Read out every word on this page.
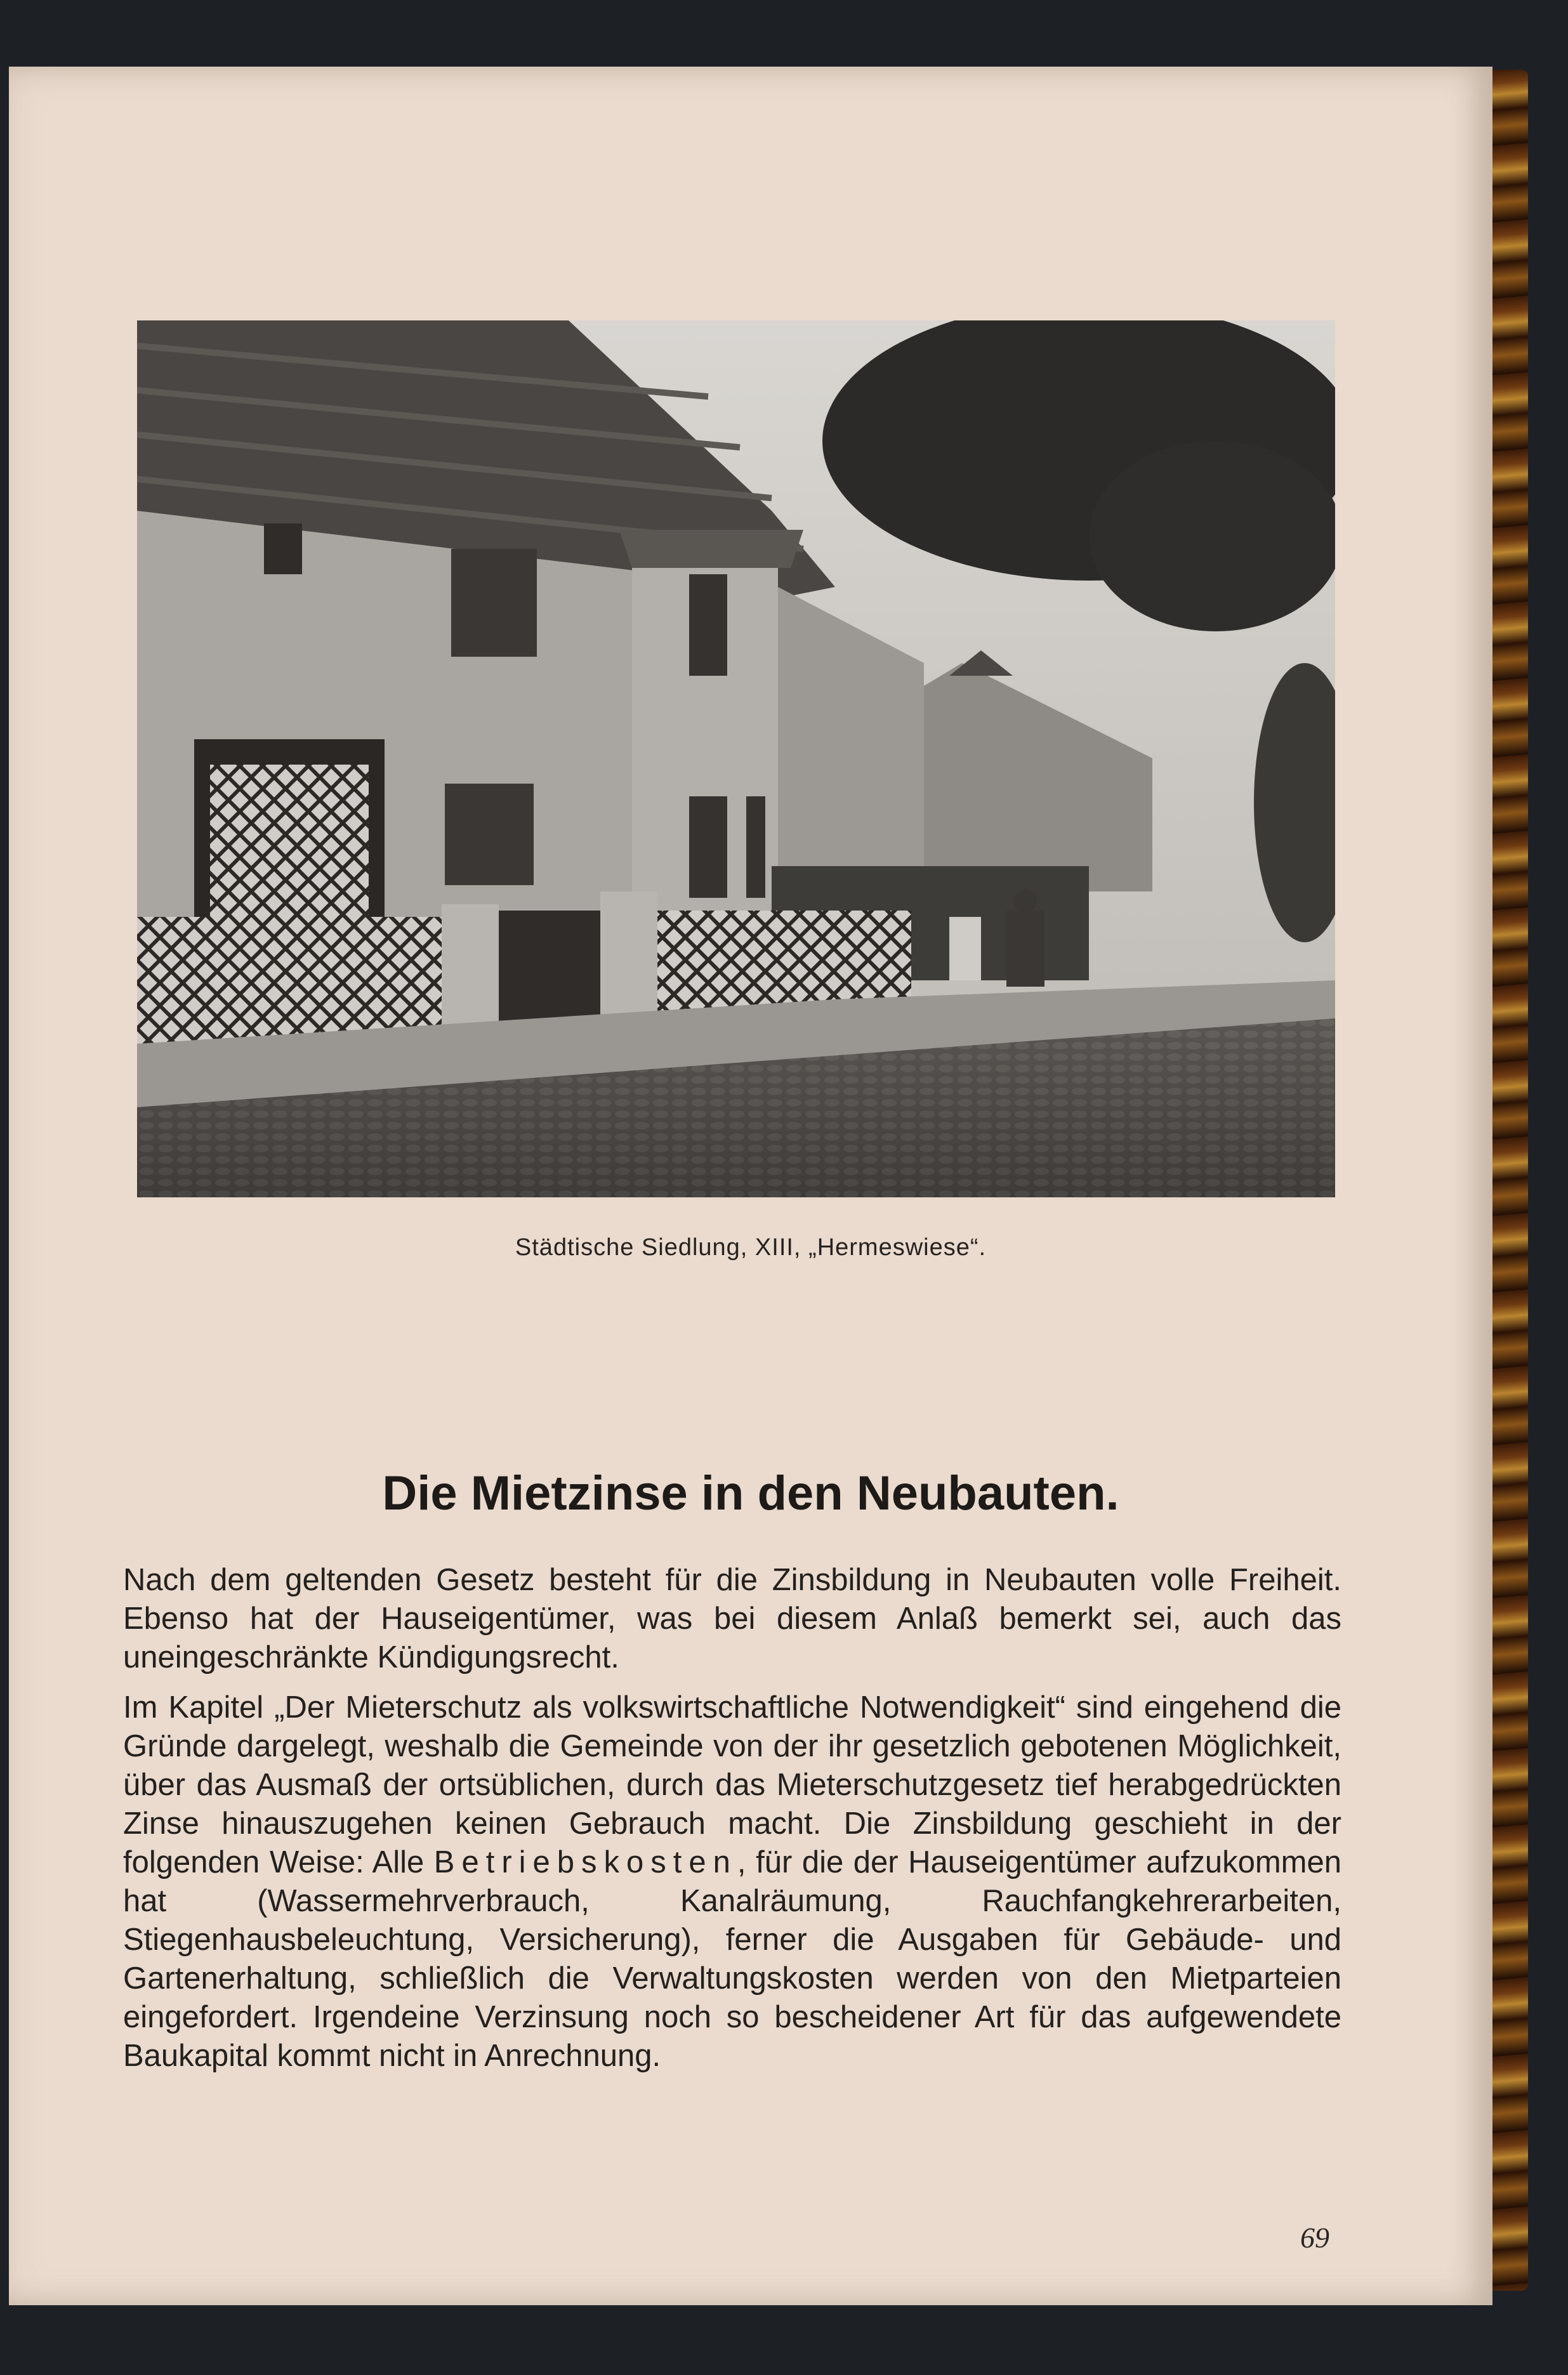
Städtische Siedlung, XIII, „Hermeswiese“.
Die Mietzinse in den Neubauten.

Nach dem geltenden Gesetz besteht für die Zinsbildung in Neubauten volle Freiheit. Ebenso hat der Hauseigentümer, was bei diesem Anlaß bemerkt sei, auch das uneingeschränkte Kündigungsrecht.

Im Kapitel „Der Mieterschutz als volkswirtschaftliche Notwendigkeit“ sind eingehend die Gründe dargelegt, weshalb die Gemeinde von der ihr gesetzlich gebotenen Möglichkeit, über das Ausmaß der ortsüblichen, durch das Mieterschutzgesetz tief herabgedrückten Zinse hinauszugehen keinen Gebrauch macht. Die Zinsbildung geschieht in der folgenden Weise: Alle Betriebskosten, für die der Hauseigentümer aufzukommen hat (Wassermehrverbrauch, Kanalräumung, Rauchfangkehrerarbeiten, Stiegenhausbeleuchtung, Versicherung), ferner die Ausgaben für Gebäude- und Gartenerhaltung, schließlich die Verwaltungskosten werden von den Mietparteien eingefordert. Irgendeine Verzinsung noch so bescheidener Art für das aufgewendete Baukapital kommt nicht in Anrechnung.

69
